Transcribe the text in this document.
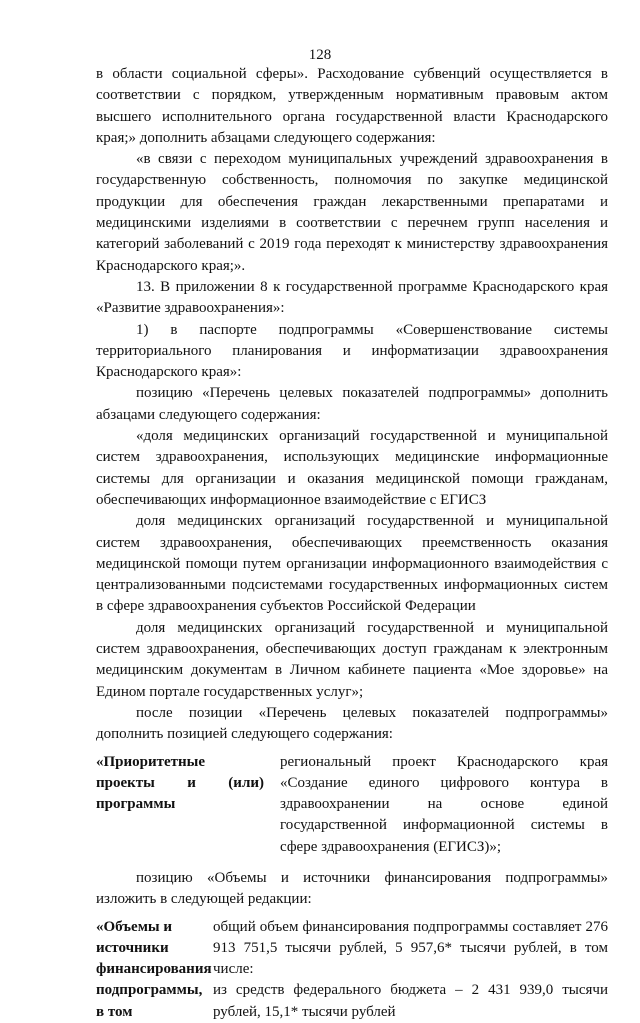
128

в области социальной сферы». Расходование субвенций осуществляется в соответствии с порядком, утвержденным нормативным правовым актом высшего исполнительного органа государственной власти Краснодарского края;» дополнить абзацами следующего содержания:

«в связи с переходом муниципальных учреждений здравоохранения в государственную собственность, полномочия по закупке медицинской продукции для обеспечения граждан лекарственными препаратами и медицинскими изделиями в соответствии с перечнем групп населения и категорий заболеваний с 2019 года переходят к министерству здравоохранения Краснодарского края;».

13. В приложении 8 к государственной программе Краснодарского края «Развитие здравоохранения»:

1) в паспорте подпрограммы «Совершенствование системы территориального планирования и информатизации здравоохранения Краснодарского края»:

позицию «Перечень целевых показателей подпрограммы» дополнить абзацами следующего содержания:

«доля медицинских организаций государственной и муниципальной систем здравоохранения, использующих медицинские информационные системы для организации и оказания медицинской помощи гражданам, обеспечивающих информационное взаимодействие с ЕГИСЗ

доля медицинских организаций государственной и муниципальной систем здравоохранения, обеспечивающих преемственность оказания медицинской помощи путем организации информационного взаимодействия с централизованными подсистемами государственных информационных систем в сфере здравоохранения субъектов Российской Федерации

доля медицинских организаций государственной и муниципальной систем здравоохранения, обеспечивающих доступ гражданам к электронным медицинским документам в Личном кабинете пациента «Мое здоровье» на Едином портале государственных услуг»;

после позиции «Перечень целевых показателей подпрограммы» дополнить позицией следующего содержания:

«Приоритетные проекты и (или) программы

региональный проект Краснодарского края «Создание единого цифрового контура в здравоохранении на основе единой государственной информационной системы в сфере здравоохранения (ЕГИСЗ)»;

позицию «Объемы и источники финансирования подпрограммы» изложить в следующей редакции:

«Объемы и источники финансирования подпрограммы, в том

общий объем финансирования подпрограммы составляет 276 913 751,5 тысячи рублей, 5 957,6* тысячи рублей, в том числе:

из средств федерального бюджета – 2 431 939,0 тысячи рублей, 15,1* тысячи рублей
